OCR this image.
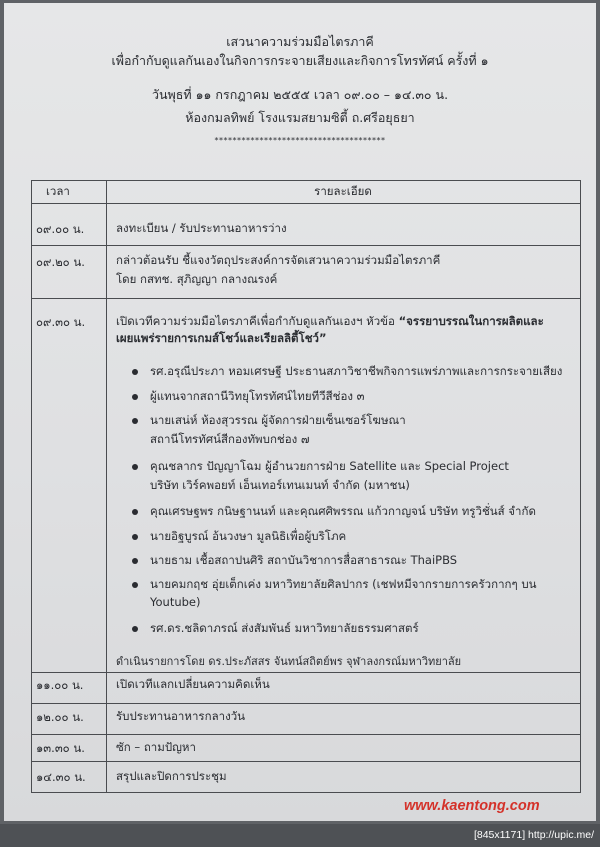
เสวนาความร่วมมือไตรภาคี
เพื่อกำกับดูแลกันเองในกิจการกระจายเสียงและกิจการโทรทัศน์ ครั้งที่ ๑
วันพุธที่ ๑๑ กรกฎาคม ๒๕๕๕ เวลา ๐๙.๐๐ – ๑๔.๓๐ น.
ห้องกมลทิพย์ โรงแรมสยามซิตี้ ถ.ศรีอยุธยา
**************************************
เวลา	รายละเอียด
๐๙.๐๐ น.	ลงทะเบียน / รับประทานอาหารว่าง
๐๙.๒๐ น.	กล่าวต้อนรับ ชี้แจงวัตถุประสงค์การจัดเสวนาความร่วมมือไตรภาคี
โดย กสทช. สุภิญญา กลางณรงค์
๐๙.๓๐ น.	เปิดเวทีความร่วมมือไตรภาคีเพื่อกำกับดูแลกันเองฯ หัวข้อ “จรรยาบรรณในการผลิตและ
เผยแพร่รายการเกมส์โชว์และเรียลลิตี้โชว์”
รศ.อรุณีประภา หอมเศรษฐี ประธานสภาวิชาชีพกิจการแพร่ภาพและการกระจายเสียง
ผู้แทนจากสถานีวิทยุโทรทัศน์ไทยทีวีสีช่อง ๓
นายเสน่ห์ ห้องสุวรรณ ผู้จัดการฝ่ายเซ็นเซอร์โฆษณา
สถานีโทรทัศน์สีกองทัพบกช่อง ๗
คุณชลากร ปัญญาโฉม ผู้อำนวยการฝ่าย Satellite และ Special Project
บริษัท เวิร์คพอยท์ เอ็นเทอร์เทนเมนท์ จำกัด (มหาชน)
คุณเศรษฐพร กนิษฐานนท์ และคุณศศิพรรณ แก้วกาญจน์ บริษัท ทรูวิชั่นส์ จำกัด
นายอิฐบูรณ์ อ้นวงษา มูลนิธิเพื่อผู้บริโภค
นายธาม เชื้อสถาปนศิริ สถาบันวิชาการสื่อสาธารณะ ThaiPBS
นายคมกฤช อุ่ยเต็กเค่ง มหาวิทยาลัยศิลปากร (เชฟหมีจากรายการครัวกากๆ บน
Youtube)
รศ.ดร.ชลิดาภรณ์ ส่งสัมพันธ์ มหาวิทยาลัยธรรมศาสตร์
ดำเนินรายการโดย ดร.ประภัสสร จันทน์สถิตย์พร จุฬาลงกรณ์มหาวิทยาลัย
๑๑.๐๐ น.	เปิดเวทีแลกเปลี่ยนความคิดเห็น
๑๒.๐๐ น.	รับประทานอาหารกลางวัน
๑๓.๓๐ น.	ซัก – ถามปัญหา
๑๔.๓๐ น.	สรุปและปิดการประชุม
www.kaentong.com
[845x1171] http://upic.me/
